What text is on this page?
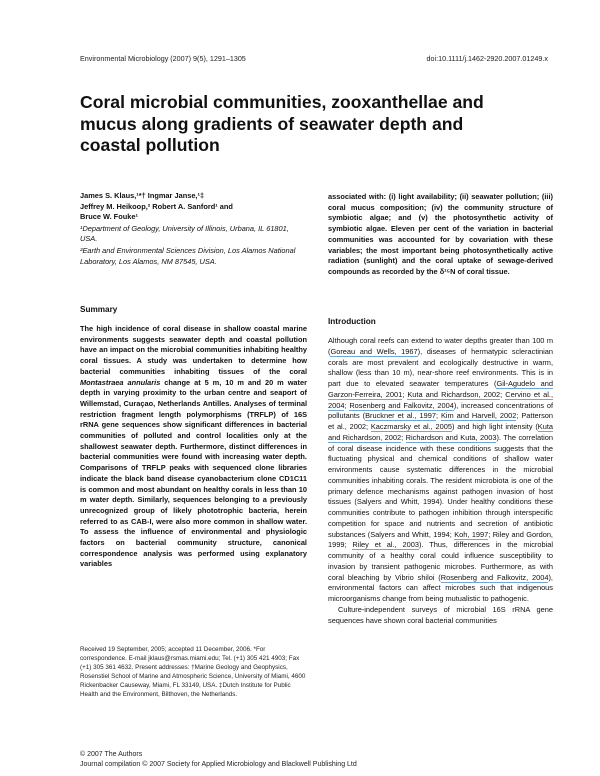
Environmental Microbiology (2007) 9(5), 1291–1305	doi:10.1111/j.1462-2920.2007.01249.x
Coral microbial communities, zooxanthellae and mucus along gradients of seawater depth and coastal pollution
James S. Klaus,¹*† Ingmar Janse,¹‡
Jeffrey M. Heikoop,² Robert A. Sanford¹ and
Bruce W. Fouke¹
¹Department of Geology, University of Illinois, Urbana, IL 61801, USA.
²Earth and Environmental Sciences Division, Los Alamos National Laboratory, Los Alamos, NM 87545, USA.
Summary
The high incidence of coral disease in shallow coastal marine environments suggests seawater depth and coastal pollution have an impact on the microbial communities inhabiting healthy coral tissues. A study was undertaken to determine how bacterial communities inhabiting tissues of the coral Montastraea annularis change at 5 m, 10 m and 20 m water depth in varying proximity to the urban centre and seaport of Willemstad, Curaçao, Netherlands Antilles. Analyses of terminal restriction fragment length polymorphisms (TRFLP) of 16S rRNA gene sequences show significant differences in bacterial communities of polluted and control localities only at the shallowest seawater depth. Furthermore, distinct differences in bacterial communities were found with increasing water depth. Comparisons of TRFLP peaks with sequenced clone libraries indicate the black band disease cyanobacterium clone CD1C11 is common and most abundant on healthy corals in less than 10 m water depth. Similarly, sequences belonging to a previously unrecognized group of likely phototrophic bacteria, herein referred to as CAB-I, were also more common in shallow water. To assess the influence of environmental and physiologic factors on bacterial community structure, canonical correspondence analysis was performed using explanatory variables
associated with: (i) light availability; (ii) seawater pollution; (iii) coral mucus composition; (iv) the community structure of symbiotic algae; and (v) the photosynthetic activity of symbiotic algae. Eleven per cent of the variation in bacterial communities was accounted for by covariation with these variables; the most important being photosynthetically active radiation (sunlight) and the coral uptake of sewage-derived compounds as recorded by the δ¹⁵N of coral tissue.
Introduction

Although coral reefs can extend to water depths greater than 100 m (Goreau and Wells, 1967), diseases of hermatypic scleractinian corals are most prevalent and ecologically destructive in warm, shallow (less than 10 m), near-shore reef environments. This is in part due to elevated seawater temperatures (Gil-Agudelo and Garzon-Ferreira, 2001; Kuta and Richardson, 2002; Cervino et al., 2004; Rosenberg and Falkovitz, 2004), increased concentrations of pollutants (Bruckner et al., 1997; Kim and Harvell, 2002; Patterson et al., 2002; Kaczmarsky et al., 2005) and high light intensity (Kuta and Richardson, 2002; Richardson and Kuta, 2003). The correlation of coral disease incidence with these conditions suggests that the fluctuating physical and chemical conditions of shallow water environments cause systematic differences in the microbial communities inhabiting corals. The resident microbiota is one of the primary defence mechanisms against pathogen invasion of host tissues (Salyers and Whitt, 1994). Under healthy conditions these communities contribute to pathogen inhibition through interspecific competition for space and nutrients and secretion of antibiotic substances (Salyers and Whitt, 1994; Koh, 1997; Riley and Gordon, 1999; Riley et al., 2003). Thus, differences in the microbial community of a healthy coral could influence susceptibility to invasion by transient pathogenic microbes. Furthermore, as with coral bleaching by Vibrio shiloi (Rosenberg and Falkovitz, 2004), environmental factors can affect microbes such that indigenous microorganisms change from being mutualistic to pathogenic.

Culture-independent surveys of microbial 16S rRNA gene sequences have shown coral bacterial communities

Received 19 September, 2005; accepted 11 December, 2006. *For correspondence. E-mail jklaus@rsmas.miami.edu; Tel. (+1) 305 421 4903; Fax (+1) 305 361 4632. Present addresses: †Marine Geology and Geophysics, Rosenstiel School of Marine and Atmospheric Science, University of Miami, 4600 Rickenbacker Causeway, Miami, FL 33149, USA. ‡Dutch Institute for Public Health and the Environment, Bilthoven, the Netherlands.
© 2007 The Authors
Journal compilation © 2007 Society for Applied Microbiology and Blackwell Publishing Ltd
